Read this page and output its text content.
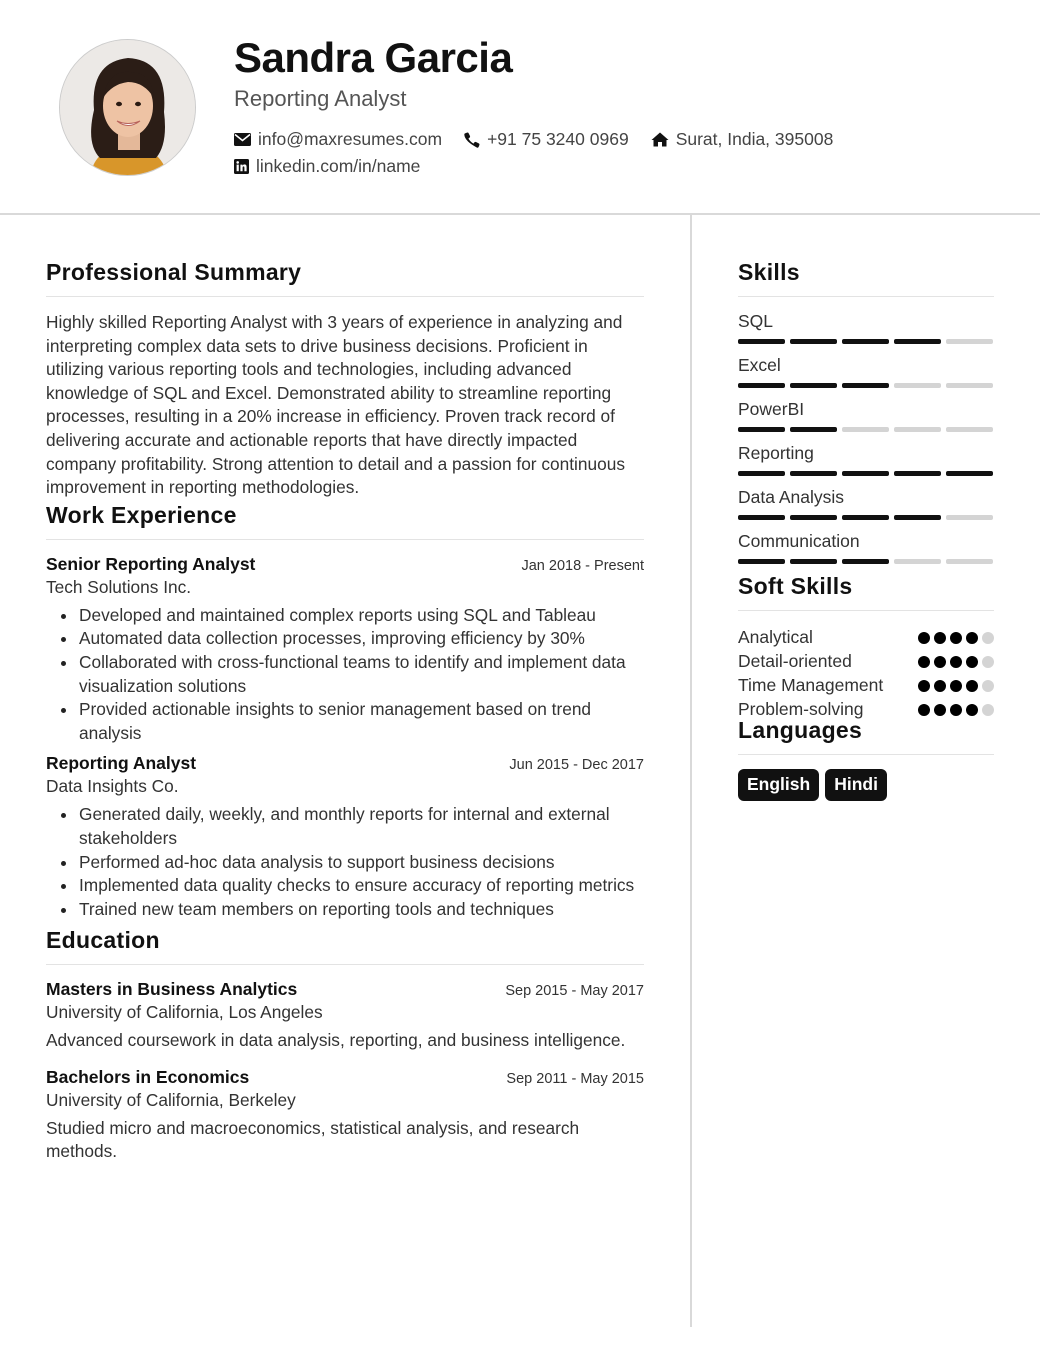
Sandra Garcia
Reporting Analyst
info@maxresumes.com	+91 75 3240 0969	Surat, India, 395008
linkedin.com/in/name
Professional Summary

Highly skilled Reporting Analyst with 3 years of experience in analyzing and interpreting complex data sets to drive business decisions. Proficient in utilizing various reporting tools and technologies, including advanced knowledge of SQL and Excel. Demonstrated ability to streamline reporting processes, resulting in a 20% increase in efficiency. Proven track record of delivering accurate and actionable reports that have directly impacted company profitability. Strong attention to detail and a passion for continuous improvement in reporting methodologies.

Work Experience
Senior Reporting Analyst	Jan 2018 - Present
Tech Solutions Inc.
Developed and maintained complex reports using SQL and Tableau
Automated data collection processes, improving efficiency by 30%
Collaborated with cross-functional teams to identify and implement data visualization solutions
Provided actionable insights to senior management based on trend analysis
Reporting Analyst	Jun 2015 - Dec 2017
Data Insights Co.
Generated daily, weekly, and monthly reports for internal and external stakeholders
Performed ad-hoc data analysis to support business decisions
Implemented data quality checks to ensure accuracy of reporting metrics
Trained new team members on reporting tools and techniques
Education
Masters in Business Analytics	Sep 2015 - May 2017
University of California, Los Angeles
Advanced coursework in data analysis, reporting, and business intelligence.
Bachelors in Economics	Sep 2011 - May 2015
University of California, Berkeley
Studied micro and macroeconomics, statistical analysis, and research methods.
Skills
SQL
Excel
PowerBI
Reporting
Data Analysis
Communication
Soft Skills
Analytical
Detail-oriented
Time Management
Problem-solving
Languages
English	Hindi
